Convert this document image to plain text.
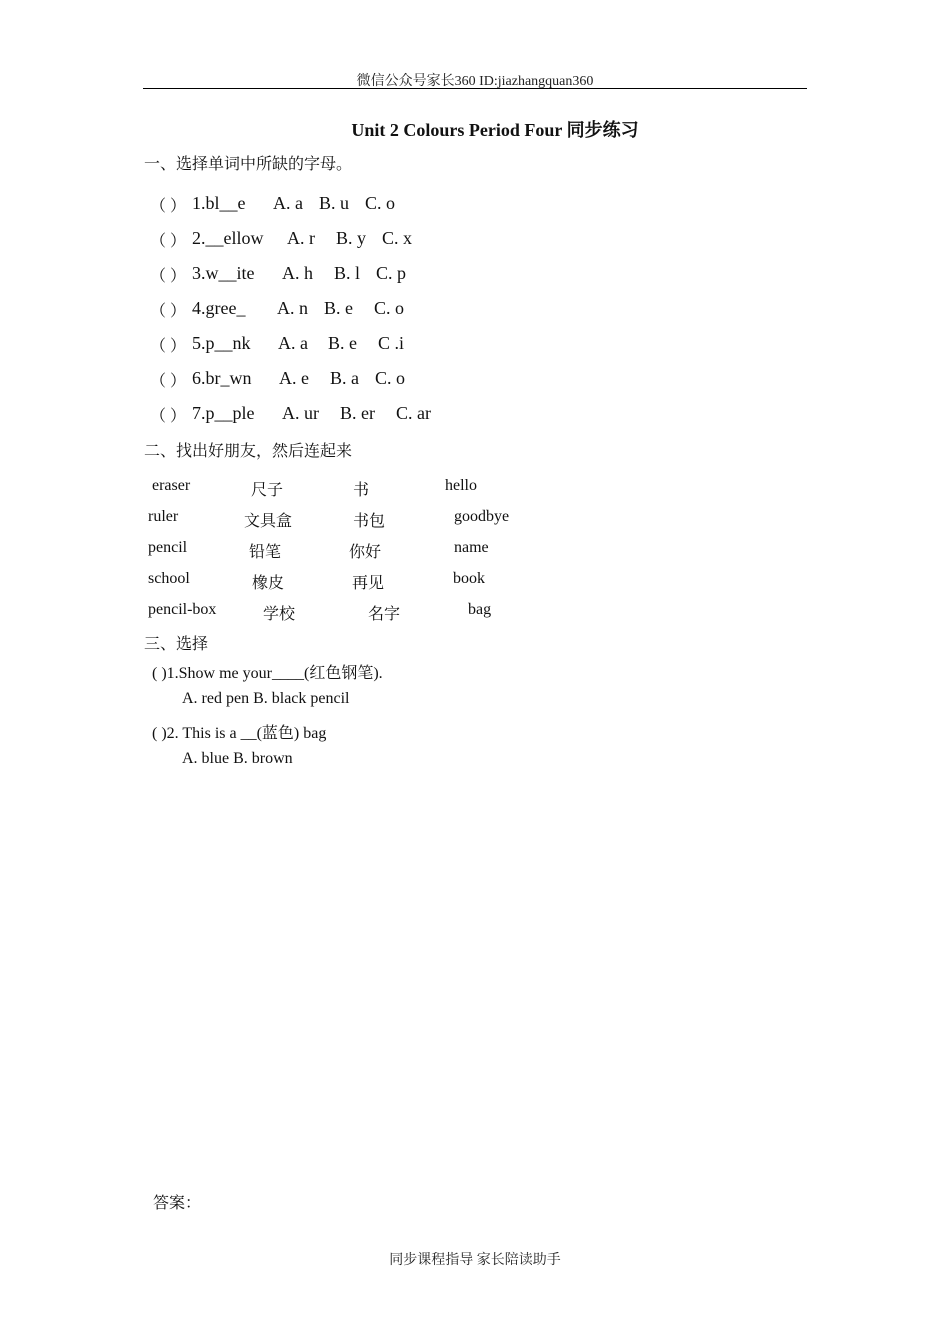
微信公众号家长360 ID:jiazhangquan360
Unit 2 Colours Period Four 同步练习
一、选择单词中所缺的字母。
（ ） 1.bl__e A. a B. u C. o
（ ） 2.__ellow A. r B. y C. x
（ ） 3.w__ite A. h B. l C. p
（ ） 4.gree_ A. n B. e C. o
（ ） 5.p__nk A. a B. e C .i
（ ） 6.br_wn A. e B. a C. o
（ ） 7.p__ple A. ur B. er C. ar
二、找出好朋友，然后连起来
eraser	尺子	书	hello
ruler	文具盒	书包	goodbye
pencil	铅笔	你好	name
school	橡皮	再见	book
pencil-box	学校	名字	bag
三、选择
( )1.Show me your____(红色钢笔).
A. red pen B. black pencil
( )2. This is a __(蓝色) bag
A. blue B. brown
答案：
同步课程指导 家长陪读助手
